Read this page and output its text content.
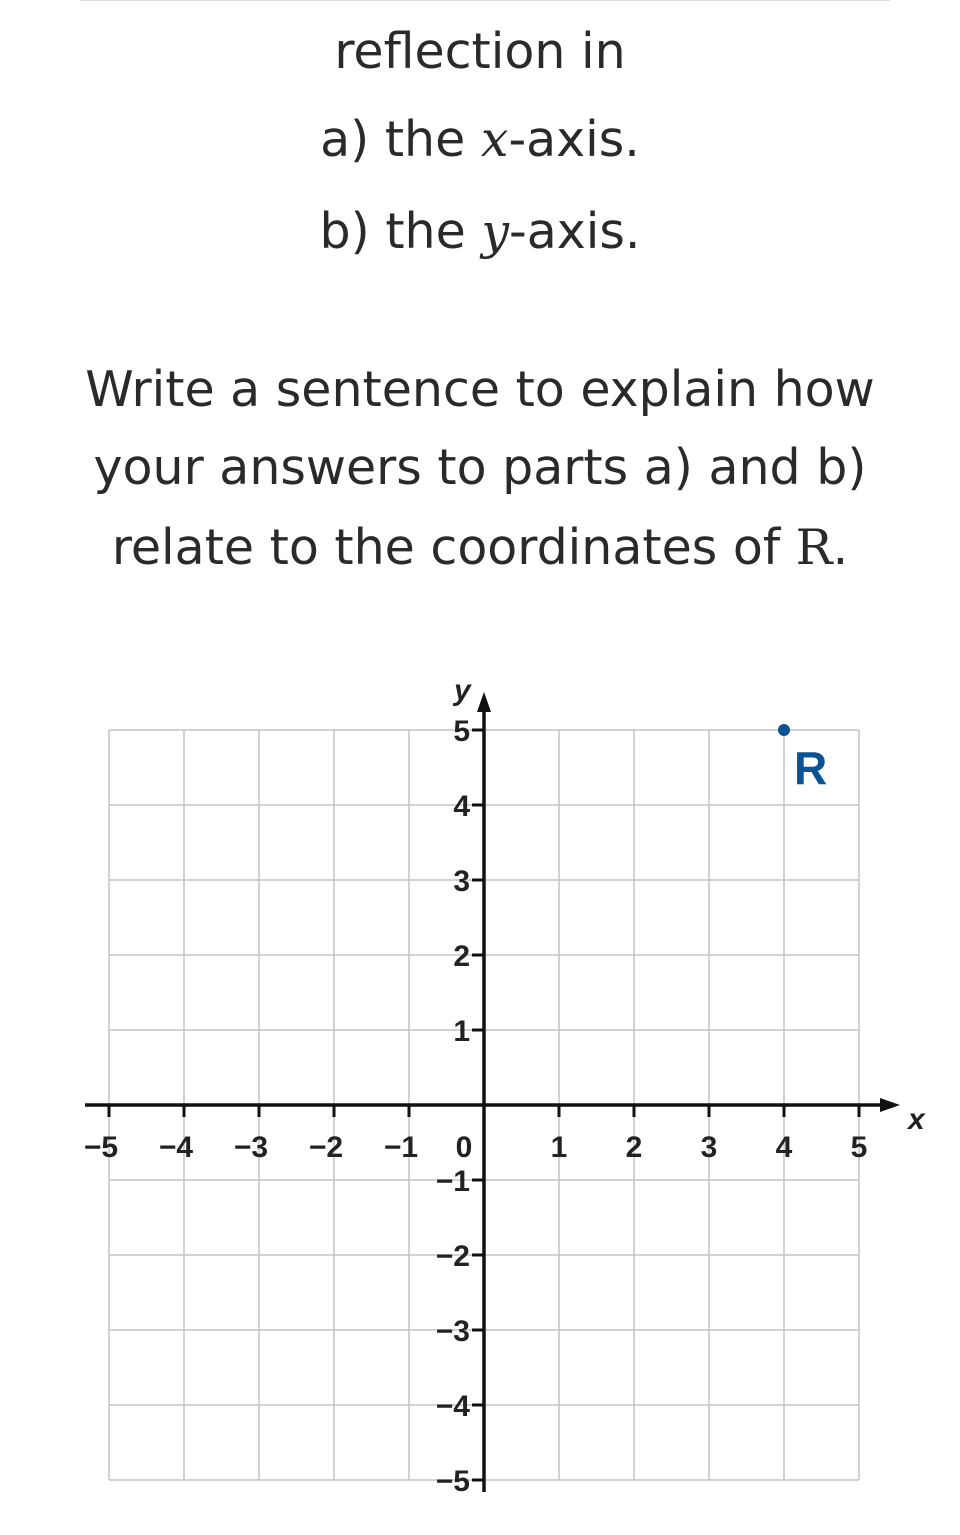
reflection in
a) the x-axis.
b) the y-axis.
Write a sentence to explain how
your answers to parts a) and b)
relate to the coordinates of R.
x
y
−5 −4 −3 −2 −1 0	1 2 3 4 5
5
4
3
2
1
−1
−2
−3
−4
−5
R
